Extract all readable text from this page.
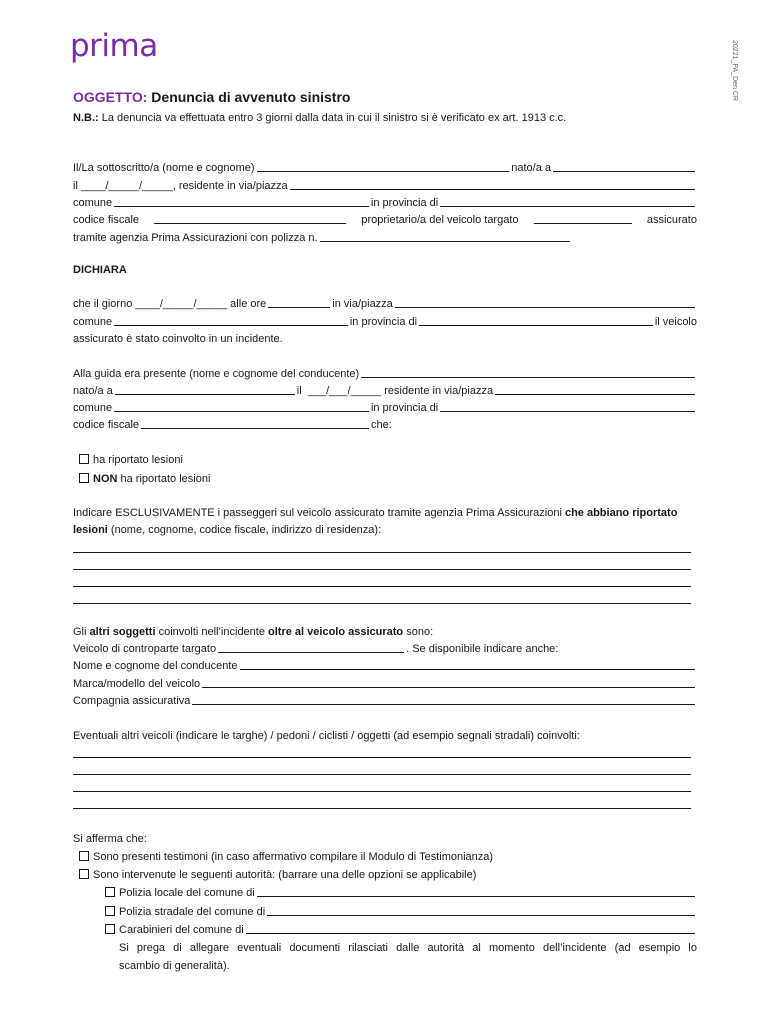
prima	20221_PA_Den CR
OGGETTO: Denuncia di avvenuto sinistro
N.B.: La denuncia va effettuata entro 3 giorni dalla data in cui il sinistro si è verificato ex art. 1913 c.c.
Il/La sottoscritto/a (nome e cognome)	nato/a a
il ____/_____/_____, residente in via/piazza
comune	in provincia di
codice fiscale	proprietario/a del veicolo targato	assicurato
tramite agenzia Prima Assicurazioni con polizza n.
DICHIARA
che il giorno ____/_____/_____ alle ore	in via/piazza
comune	in provincia di	il veicolo
assicurato è stato coinvolto in un incidente.
Alla guida era presente (nome e cognome del conducente)
nato/a a	il  ___/___/_____ residente in via/piazza
comune	in provincia di
codice fiscale	che:
ha riportato lesioni
NON ha riportato lesioni
Indicare ESCLUSIVAMENTE i passeggeri sul veicolo assicurato tramite agenzia Prima Assicurazioni che abbiano riportato
lesioni (nome, cognome, codice fiscale, indirizzo di residenza):
Gli altri soggetti coinvolti nell’incidente oltre al veicolo assicurato sono:
Veicolo di controparte targato	. Se disponibile indicare anche:
Nome e cognome del conducente
Marca/modello del veicolo
Compagnia assicurativa
Eventuali altri veicoli (indicare le targhe) / pedoni / ciclisti / oggetti (ad esempio segnali stradali) coinvolti:
Si afferma che:
Sono presenti testimoni (in caso affermativo compilare il Modulo di Testimonianza)
Sono intervenute le seguenti autorità: (barrare una delle opzioni se applicabile)
Polizia locale del comune di
Polizia stradale del comune di
Carabinieri del comune di
Si prega di allegare eventuali documenti rilasciati dalle autorità al momento dell’incidente (ad esempio lo
scambio di generalità).
